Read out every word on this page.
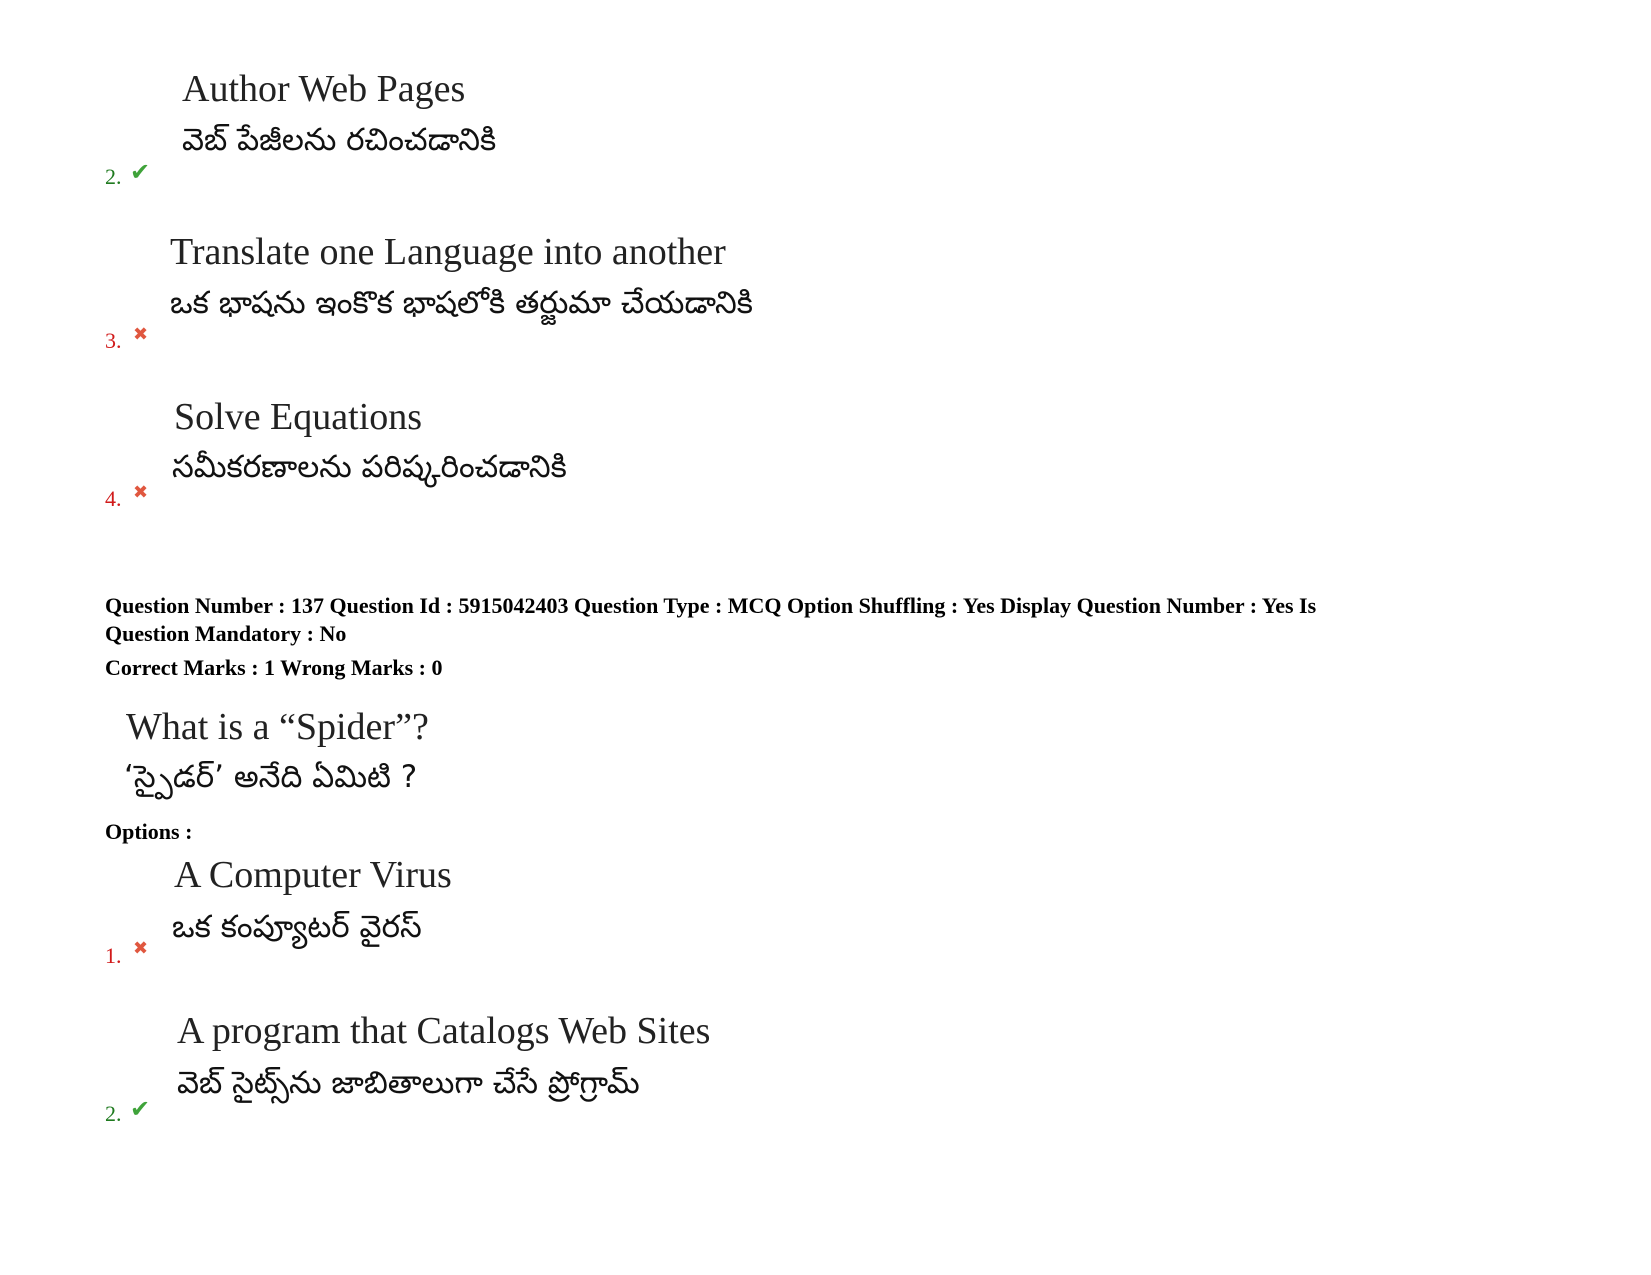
Author Web Pages
వెబ్ పేజీలను రచించడానికి
2. ✔
Translate one Language into another
ఒక భాషను ఇంకొక భాషలోకి తర్జుమా చేయడానికి
3. ✖
Solve Equations
సమీకరణాలను పరిష్కరించడానికి
4. ✖
Question Number : 137 Question Id : 5915042403 Question Type : MCQ Option Shuffling : Yes Display Question Number : Yes Is
Question Mandatory : No
Correct Marks : 1 Wrong Marks : 0
What is a “Spider”?
‘స్పైడర్’ అనేది ఏమిటి ?
Options :
A Computer Virus
ఒక కంప్యూటర్ వైరస్
1. ✖
A program that Catalogs Web Sites
వెబ్ సైట్స్‌ను జాబితాలుగా చేసే ప్రోగ్రామ్
2. ✔
